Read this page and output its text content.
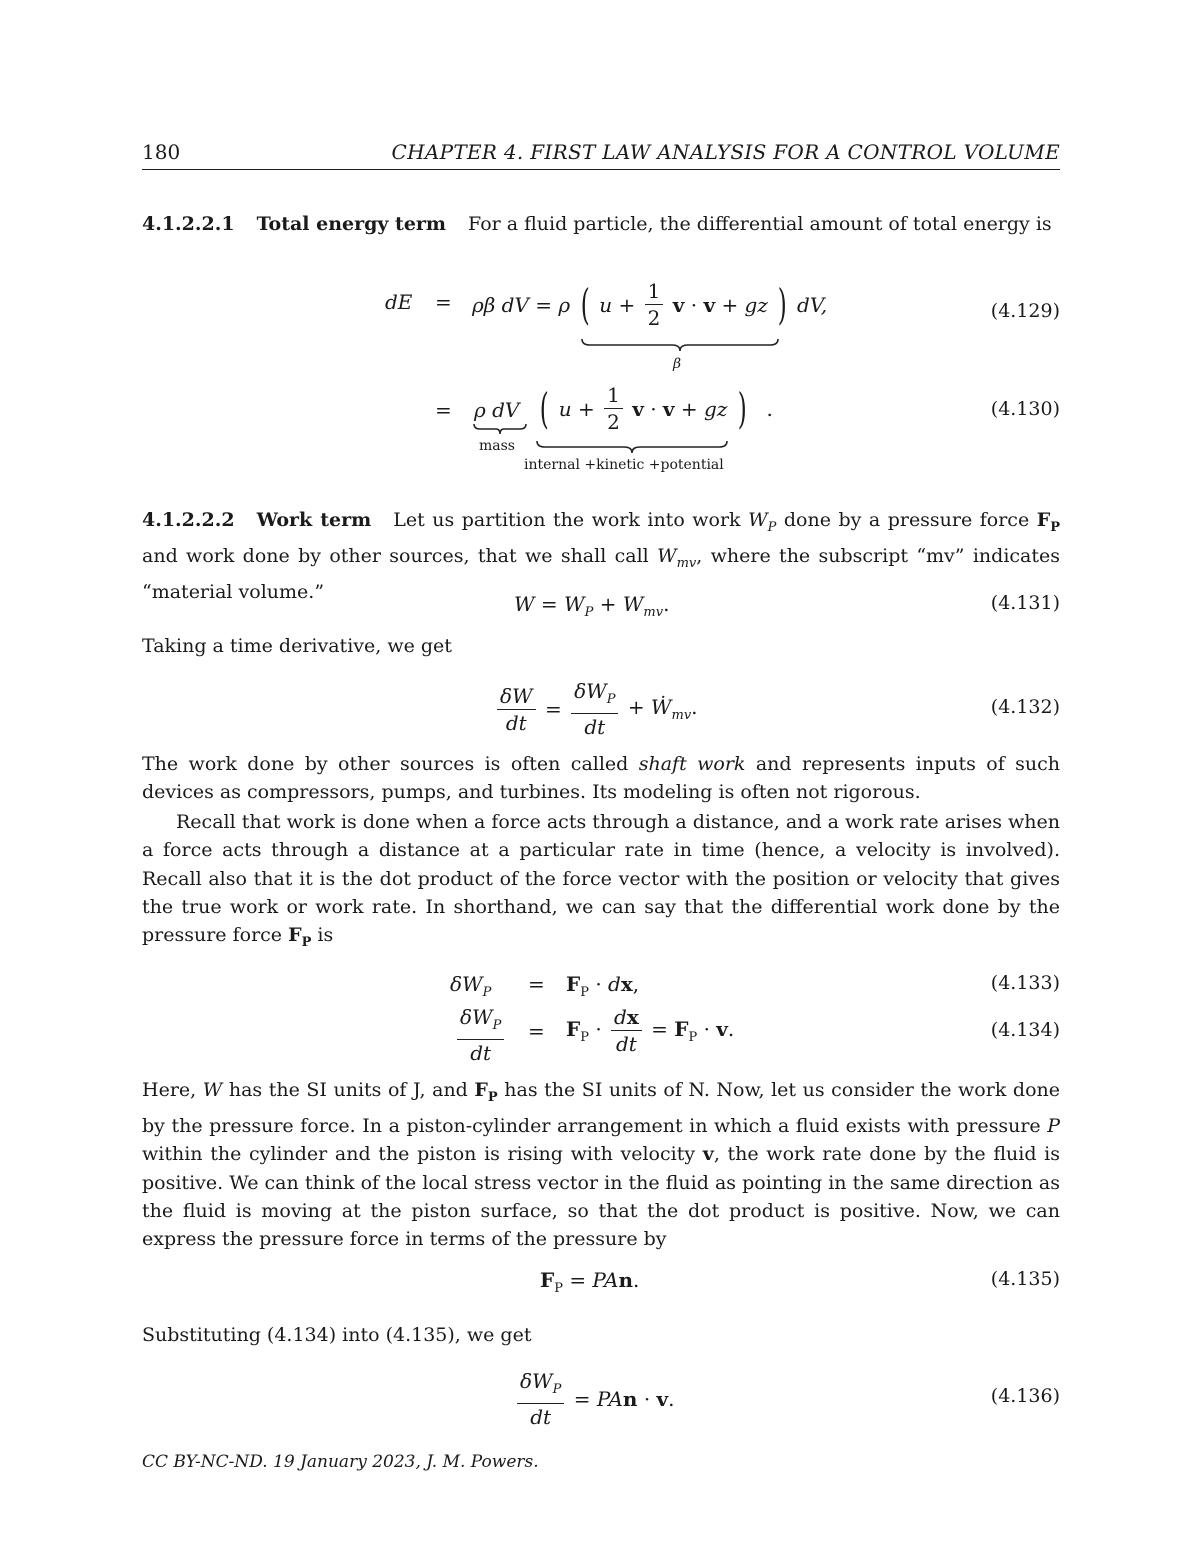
180	CHAPTER 4. FIRST LAW ANALYSIS FOR A CONTROL VOLUME
4.1.2.2.1 Total energy term For a fluid particle, the differential amount of total energy is
dE = ρβ dV = ρ ( $u + \frac{1}{2}$ v · v + gz ) dV,
β
(4.129)
= ρ dV
mass
( $u + \frac{1}{2}$ v · v + gz ) .
internal +kinetic +potential
(4.130)
4.1.2.2.2 Work term Let us partition the work into work $W_P$ done by a pressure force $F_P$ and work done by other sources, that we shall call $W_{mv}$, where the subscript “mv” indicates “material volume.”	$W = W_P + W_{mv}$.	(4.131)
Taking a time derivative, we get
$\frac{\delta W}{dt} = \frac{\delta W_P}{dt}$ + Ẇ$_{mv}$.	(4.132)
The work done by other sources is often called shaft work and represents inputs of such devices as compressors, pumps, and turbines. Its modeling is often not rigorous.
Recall that work is done when a force acts through a distance, and a work rate arises when a force acts through a distance at a particular rate in time (hence, a velocity is involved). Recall also that it is the dot product of the force vector with the position or velocity that gives the true work or work rate. In shorthand, we can say that the differential work done by the pressure force $F_P$ is
$\delta W_P = F_P$ · dx,	(4.133)
$\frac{\delta W_P}{dt} = F_P \cdot \frac{dx}{dt} = F_P \cdot v$.	(4.134)
Here, W has the SI units of J, and $F_P$ has the SI units of N. Now, let us consider the work done by the pressure force. In a piston-cylinder arrangement in which a fluid exists with pressure P within the cylinder and the piston is rising with velocity v, the work rate done by the fluid is positive. We can think of the local stress vector in the fluid as pointing in the same direction as the fluid is moving at the piston surface, so that the dot product is positive. Now, we can express the pressure force in terms of the pressure by
$F_P$ = PAn.	(4.135)
Substituting (4.134) into (4.135), we get
$\frac{\delta W_P}{dt}$ = PAn · v.	(4.136)
CC BY-NC-ND. 19 January 2023, J. M. Powers.
